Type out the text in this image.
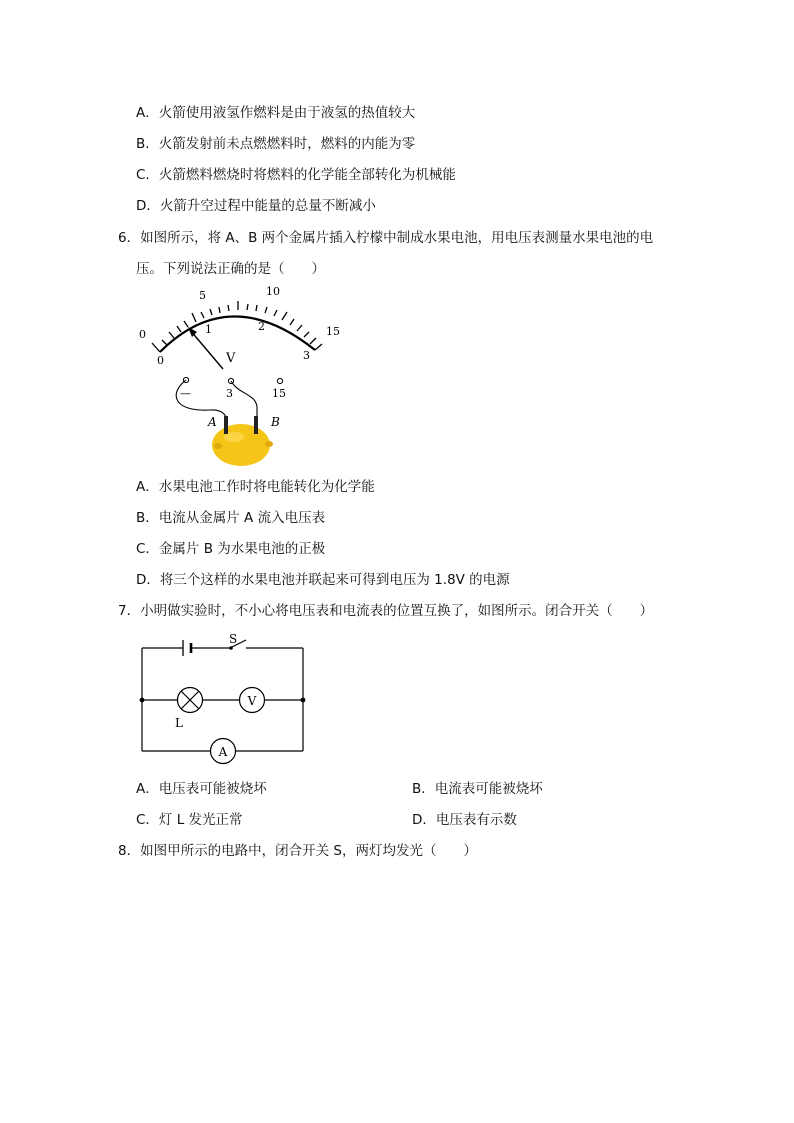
A．火箭使用液氢作燃料是由于液氢的热值较大
B．火箭发射前未点燃燃料时，燃料的内能为零
C．火箭燃料燃烧时将燃料的化学能全部转化为机械能
D．火箭升空过程中能量的总量不断减小
6．如图所示，将 A、B 两个金属片插入柠檬中制成水果电池，用电压表测量水果电池的电
压。下列说法正确的是（　　）
0
5	10
15
0
1	2
3
V
—	3	15
A	B
A．水果电池工作时将电能转化为化学能
B．电流从金属片 A 流入电压表
C．金属片 B 为水果电池的正极
D．将三个这样的水果电池并联起来可得到电压为 1.8V 的电源
7．小明做实验时，不小心将电压表和电流表的位置互换了，如图所示。闭合开关（　　）
S
L
V
A
A．电压表可能被烧坏	B．电流表可能被烧坏
C．灯 L 发光正常	D．电压表有示数
8．如图甲所示的电路中，闭合开关 S，两灯均发光（　　）
